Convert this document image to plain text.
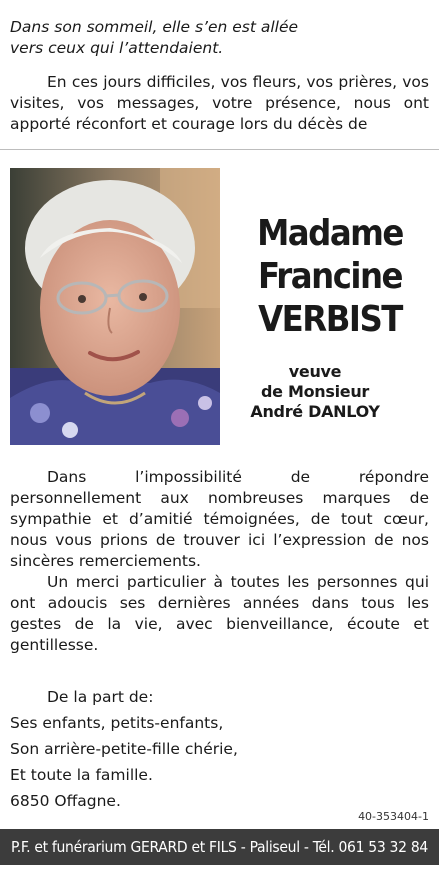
Dans son sommeil, elle s’en est allée
vers ceux qui l’attendaient.
En ces jours difficiles, vos fleurs, vos prières, vos visites, vos messages, votre présence, nous ont apporté réconfort et courage lors du décès de
Madame
Francine
VERBIST
veuve
de Monsieur
André DANLOY

Dans l’impossibilité de répondre personnellement aux nombreuses marques de sympathie et d’amitié témoignées, de tout cœur, nous vous prions de trouver ici l’expression de nos sincères remerciements.

Un merci particulier à toutes les personnes qui ont adoucis ses dernières années dans tous les gestes de la vie, avec bienveillance, écoute et gentillesse.

De la part de:
Ses enfants, petits-enfants,
Son arrière-petite-fille chérie,
Et toute la famille.
6850 Offagne.
40-353404-1
P.F. et funérarium GERARD et FILS - Paliseul - Tél. 061 53 32 84
